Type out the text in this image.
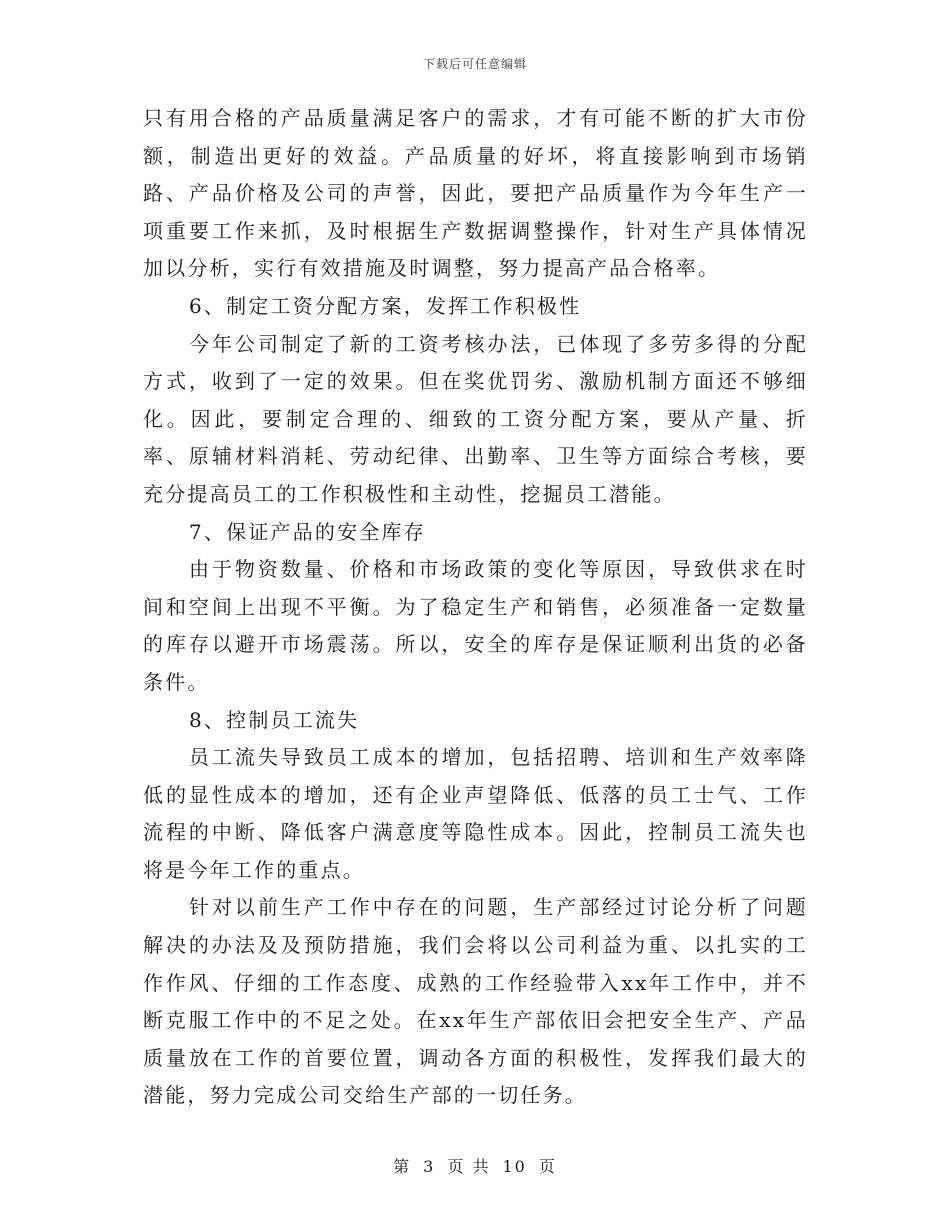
下载后可任意编辑

只有用合格的产品质量满足客户的需求，才有可能不断的扩大市份额，制造出更好的效益。产品质量的好坏，将直接影响到市场销路、产品价格及公司的声誉，因此，要把产品质量作为今年生产一项重要工作来抓，及时根据生产数据调整操作，针对生产具体情况加以分析，实行有效措施及时调整，努力提高产品合格率。

6、制定工资分配方案，发挥工作积极性

今年公司制定了新的工资考核办法，已体现了多劳多得的分配方式，收到了一定的效果。但在奖优罚劣、激励机制方面还不够细化。因此，要制定合理的、细致的工资分配方案，要从产量、折率、原辅材料消耗、劳动纪律、出勤率、卫生等方面综合考核，要充分提高员工的工作积极性和主动性，挖掘员工潜能。

7、保证产品的安全库存

由于物资数量、价格和市场政策的变化等原因，导致供求在时间和空间上出现不平衡。为了稳定生产和销售，必须准备一定数量的库存以避开市场震荡。所以，安全的库存是保证顺利出货的必备条件。

8、控制员工流失

员工流失导致员工成本的增加，包括招聘、培训和生产效率降低的显性成本的增加，还有企业声望降低、低落的员工士气、工作流程的中断、降低客户满意度等隐性成本。因此，控制员工流失也将是今年工作的重点。

针对以前生产工作中存在的问题，生产部经过讨论分析了问题解决的办法及及预防措施，我们会将以公司利益为重、以扎实的工作作风、仔细的工作态度、成熟的工作经验带入xx年工作中，并不断克服工作中的不足之处。在xx年生产部依旧会把安全生产、产品质量放在工作的首要位置，调动各方面的积极性，发挥我们最大的潜能，努力完成公司交给生产部的一切任务。

第 3 页 共 10 页
